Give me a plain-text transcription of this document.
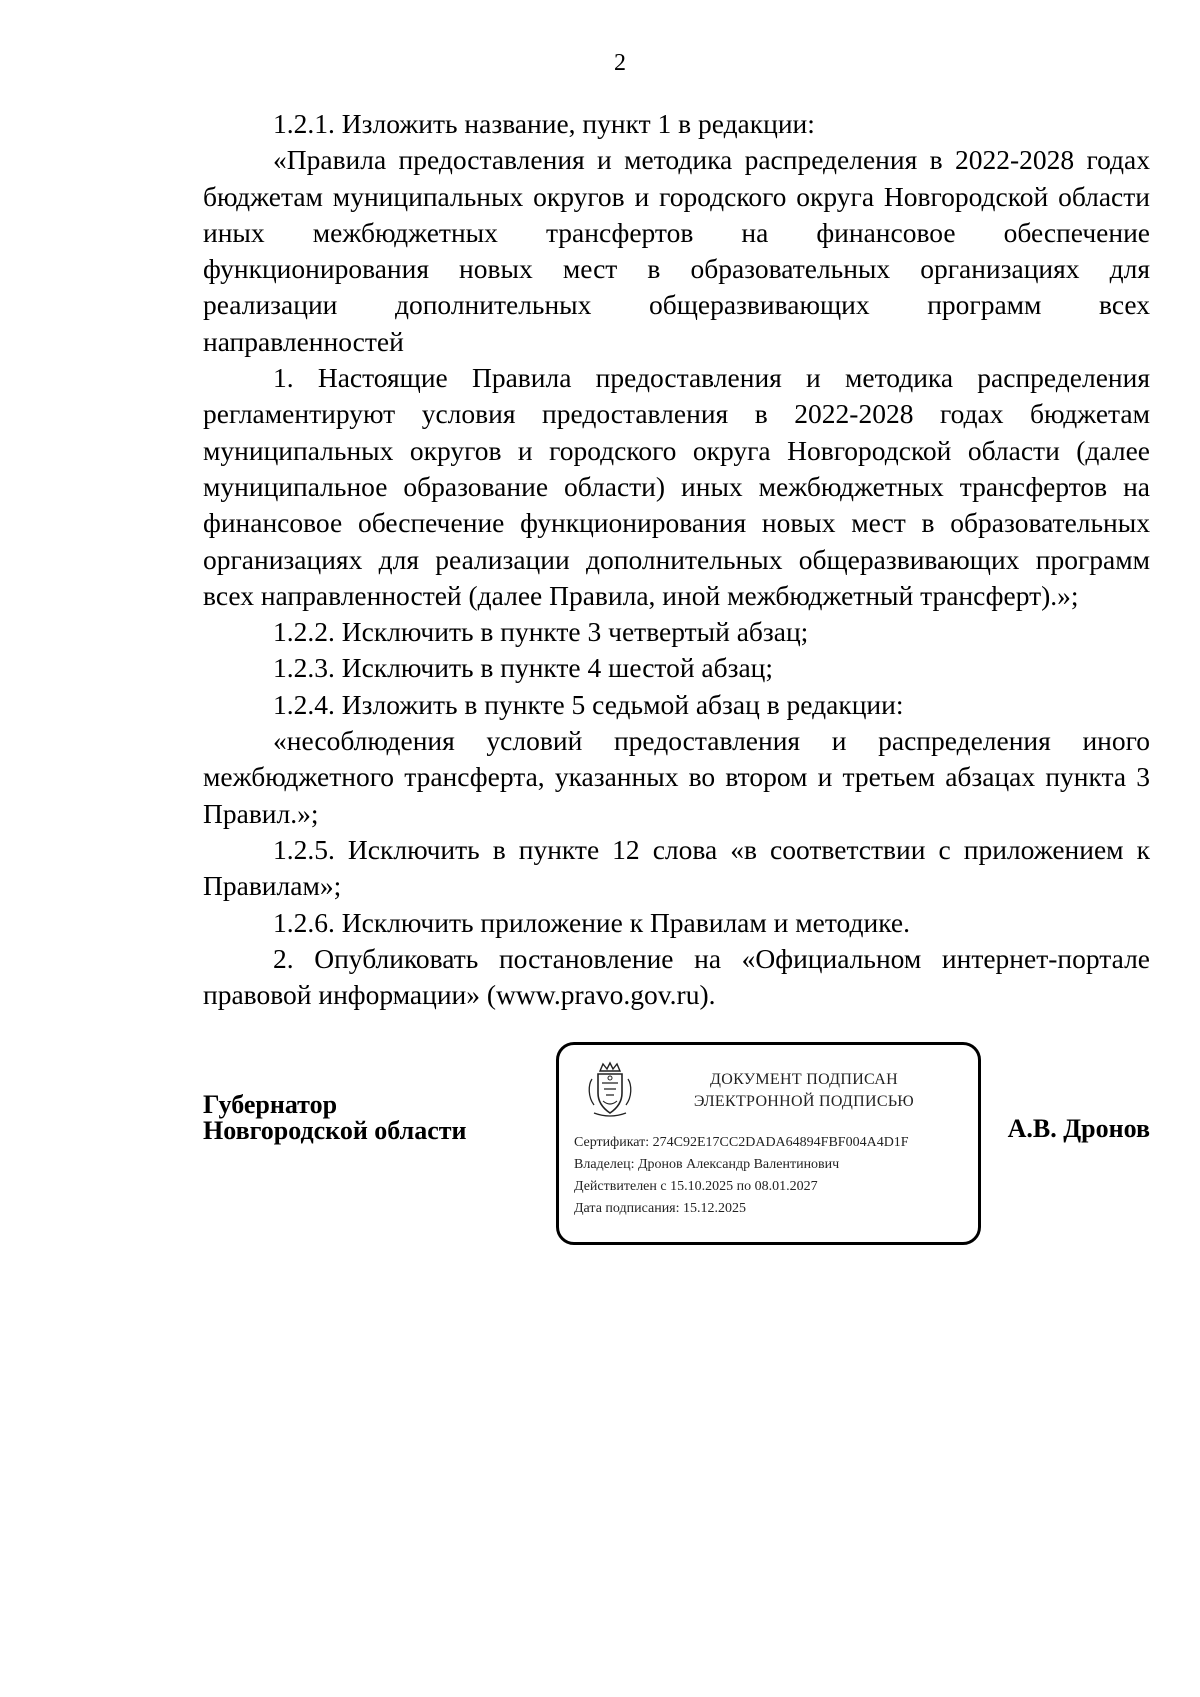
2

1.2.1. Изложить название, пункт 1 в редакции:

«Правила предоставления и методика распределения в 2022-2028 годах бюджетам муниципальных округов и городского округа Новгородской области иных межбюджетных трансфертов на финансовое обеспечение функционирования новых мест в образовательных организациях для реализации дополнительных общеразвивающих программ всех направленностей

1. Настоящие Правила предоставления и методика распределения регламентируют условия предоставления в 2022-2028 годах бюджетам муниципальных округов и городского округа Новгородской области (далее муниципальное образование области) иных межбюджетных трансфертов на финансовое обеспечение функционирования новых мест в образовательных организациях для реализации дополнительных общеразвивающих программ всех направленностей (далее Правила, иной межбюджетный трансферт).»;

1.2.2. Исключить в пункте 3 четвертый абзац;

1.2.3. Исключить в пункте 4 шестой абзац;

1.2.4. Изложить в пункте 5 седьмой абзац в редакции:

«несоблюдения условий предоставления и распределения иного межбюджетного трансферта, указанных во втором и третьем абзацах пункта 3 Правил.»;

1.2.5. Исключить в пункте 12 слова «в соответствии с приложением к Правилам»;

1.2.6. Исключить приложение к Правилам и методике.

2. Опубликовать постановление на «Официальном интернет-портале правовой информации» (www.pravo.gov.ru).

Губернатор
Новгородской области
ДОКУМЕНТ ПОДПИСАН
ЭЛЕКТРОННОЙ ПОДПИСЬЮ
Сертификат: 274C92E17CC2DADA64894FBF004A4D1F
Владелец: Дронов Александр Валентинович
Действителен с 15.10.2025 по 08.01.2027
Дата подписания: 15.12.2025
А.В. Дронов
